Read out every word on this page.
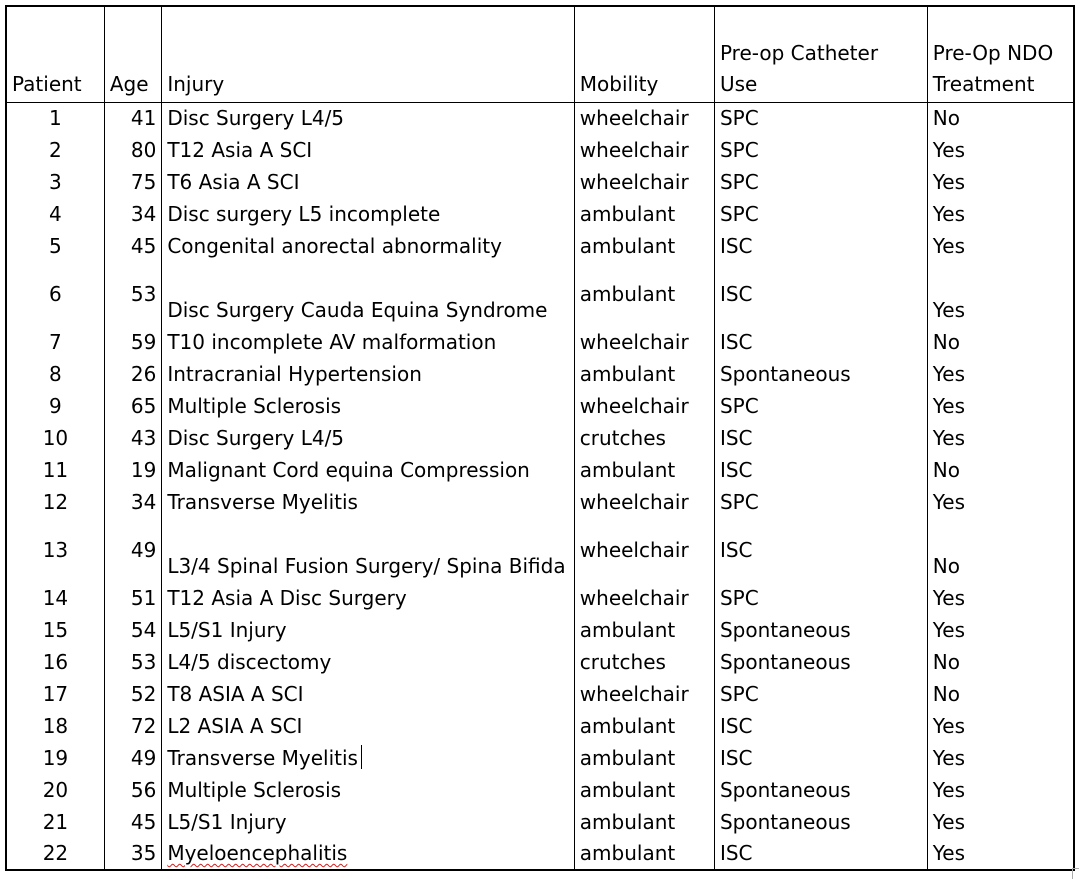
Patient	Age	Injury	Mobility	Pre-op Catheter Use	Pre-Op NDO Treatment
1	41	Disc Surgery L4/5	wheelchair	SPC	No
2	80	T12 Asia A SCI	wheelchair	SPC	Yes
3	75	T6 Asia A SCI	wheelchair	SPC	Yes
4	34	Disc surgery L5 incomplete	ambulant	SPC	Yes
5	45	Congenital anorectal abnormality	ambulant	ISC	Yes
6	53	Disc Surgery Cauda Equina Syndrome	ambulant	ISC	Yes
7	59	T10 incomplete AV malformation	wheelchair	ISC	No
8	26	Intracranial Hypertension	ambulant	Spontaneous	Yes
9	65	Multiple Sclerosis	wheelchair	SPC	Yes
10	43	Disc Surgery L4/5	crutches	ISC	Yes
11	19	Malignant Cord equina Compression	ambulant	ISC	No
12	34	Transverse Myelitis	wheelchair	SPC	Yes
13	49	L3/4 Spinal Fusion Surgery/ Spina Bifida	wheelchair	ISC	No
14	51	T12 Asia A Disc Surgery	wheelchair	SPC	Yes
15	54	L5/S1 Injury	ambulant	Spontaneous	Yes
16	53	L4/5 discectomy	crutches	Spontaneous	No
17	52	T8 ASIA A SCI	wheelchair	SPC	No
18	72	L2 ASIA A SCI	ambulant	ISC	Yes
19	49	Transverse Myelitis	ambulant	ISC	Yes
20	56	Multiple Sclerosis	ambulant	Spontaneous	Yes
21	45	L5/S1 Injury	ambulant	Spontaneous	Yes
22	35	Myeloencephalitis	ambulant	ISC	Yes
